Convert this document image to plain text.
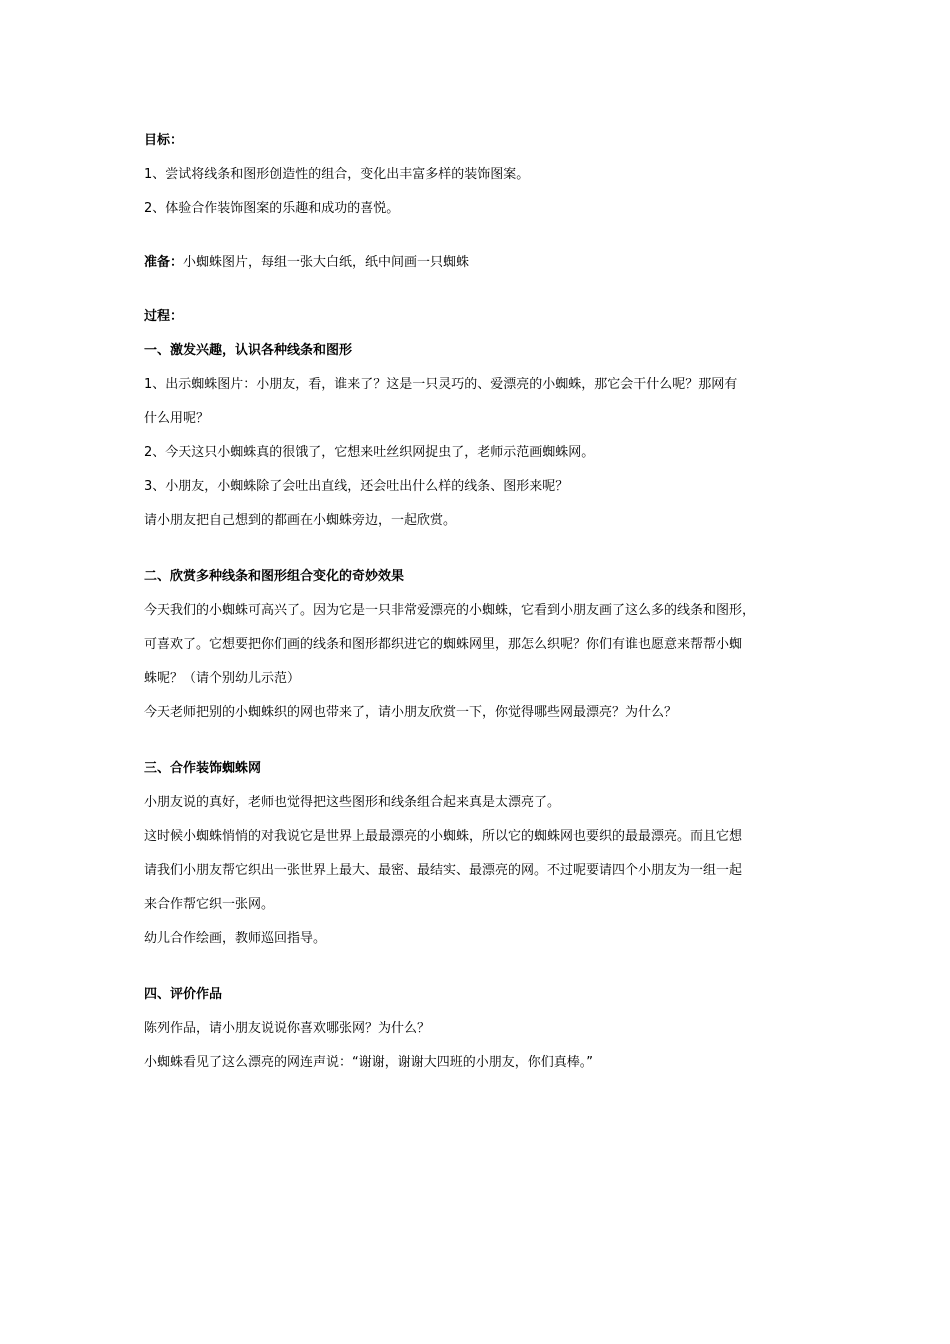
目标：
1、尝试将线条和图形创造性的组合，变化出丰富多样的装饰图案。
2、体验合作装饰图案的乐趣和成功的喜悦。
准备：小蜘蛛图片，每组一张大白纸，纸中间画一只蜘蛛
过程：
一、激发兴趣，认识各种线条和图形
1、出示蜘蛛图片：小朋友，看，谁来了？这是一只灵巧的、爱漂亮的小蜘蛛，那它会干什么呢？那网有
什么用呢？
2、今天这只小蜘蛛真的很饿了，它想来吐丝织网捉虫了，老师示范画蜘蛛网。
3、小朋友，小蜘蛛除了会吐出直线，还会吐出什么样的线条、图形来呢？
请小朋友把自己想到的都画在小蜘蛛旁边，一起欣赏。
二、欣赏多种线条和图形组合变化的奇妙效果
今天我们的小蜘蛛可高兴了。因为它是一只非常爱漂亮的小蜘蛛，它看到小朋友画了这么多的线条和图形，
可喜欢了。它想要把你们画的线条和图形都织进它的蜘蛛网里，那怎么织呢？你们有谁也愿意来帮帮小蜘
蛛呢？（请个别幼儿示范）
今天老师把别的小蜘蛛织的网也带来了，请小朋友欣赏一下，你觉得哪些网最漂亮？为什么？
三、合作装饰蜘蛛网
小朋友说的真好，老师也觉得把这些图形和线条组合起来真是太漂亮了。
这时候小蜘蛛悄悄的对我说它是世界上最最漂亮的小蜘蛛，所以它的蜘蛛网也要织的最最漂亮。而且它想
请我们小朋友帮它织出一张世界上最大、最密、最结实、最漂亮的网。不过呢要请四个小朋友为一组一起
来合作帮它织一张网。
幼儿合作绘画，教师巡回指导。
四、评价作品
陈列作品，请小朋友说说你喜欢哪张网？为什么？
小蜘蛛看见了这么漂亮的网连声说：“谢谢，谢谢大四班的小朋友，你们真棒。”
